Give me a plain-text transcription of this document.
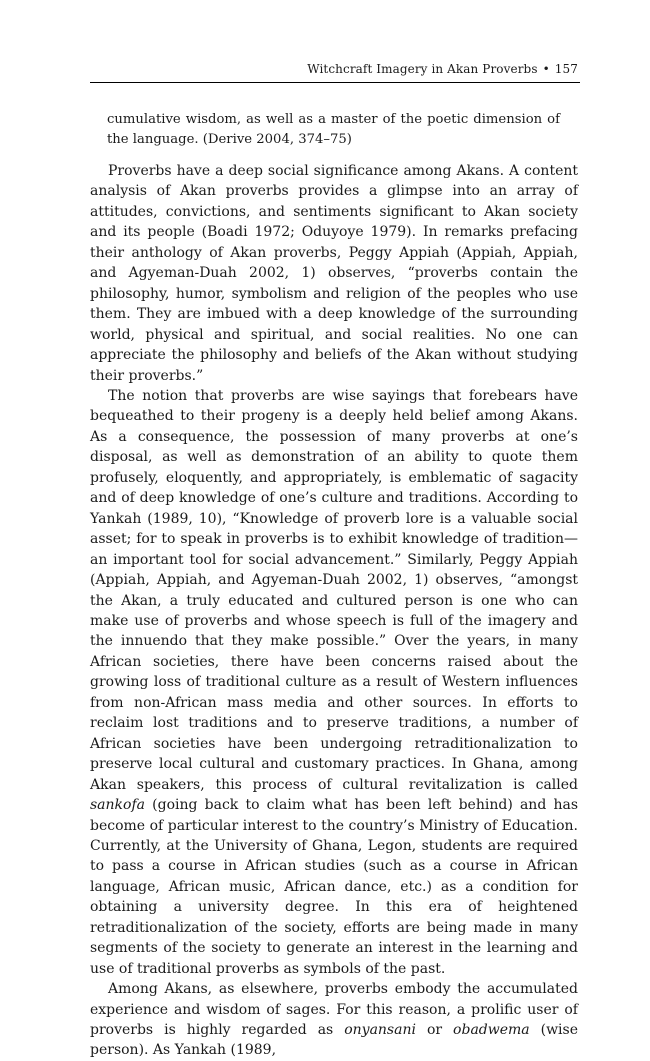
Witchcraft Imagery in Akan Proverbs • 157

cumulative wisdom, as well as a master of the poetic dimension of the language. (Derive 2004, 374–75)

Proverbs have a deep social significance among Akans. A content analysis of Akan proverbs provides a glimpse into an array of attitudes, convictions, and sentiments significant to Akan society and its people (Boadi 1972; Oduyoye 1979). In remarks prefacing their anthology of Akan proverbs, Peggy Appiah (Appiah, Appiah, and Agyeman-Duah 2002, 1) observes, “proverbs contain the philosophy, humor, symbolism and religion of the peoples who use them. They are imbued with a deep knowledge of the surrounding world, physical and spiritual, and social realities. No one can appreciate the philosophy and beliefs of the Akan without studying their proverbs.”

The notion that proverbs are wise sayings that forebears have bequeathed to their progeny is a deeply held belief among Akans. As a consequence, the possession of many proverbs at one’s disposal, as well as demonstration of an ability to quote them profusely, eloquently, and appropriately, is emblematic of sagacity and of deep knowledge of one’s culture and traditions. According to Yankah (1989, 10), “Knowledge of proverb lore is a valuable social asset; for to speak in proverbs is to exhibit knowledge of tradition—an important tool for social advancement.” Similarly, Peggy Appiah (Appiah, Appiah, and Agyeman-Duah 2002, 1) observes, “amongst the Akan, a truly educated and cultured person is one who can make use of proverbs and whose speech is full of the imagery and the innuendo that they make possible.” Over the years, in many African societies, there have been concerns raised about the growing loss of traditional culture as a result of Western influences from non-African mass media and other sources. In efforts to reclaim lost traditions and to preserve traditions, a number of African societies have been undergoing retraditionalization to preserve local cultural and customary practices. In Ghana, among Akan speakers, this process of cultural revitalization is called sankofa (going back to claim what has been left behind) and has become of particular interest to the country’s Ministry of Education. Currently, at the University of Ghana, Legon, students are required to pass a course in African studies (such as a course in African language, African music, African dance, etc.) as a condition for obtaining a university degree. In this era of heightened retraditionalization of the society, efforts are being made in many segments of the society to generate an interest in the learning and use of traditional proverbs as symbols of the past.

Among Akans, as elsewhere, proverbs embody the accumulated experience and wisdom of sages. For this reason, a prolific user of proverbs is highly regarded as onyansani or obadwema (wise person). As Yankah (1989,
